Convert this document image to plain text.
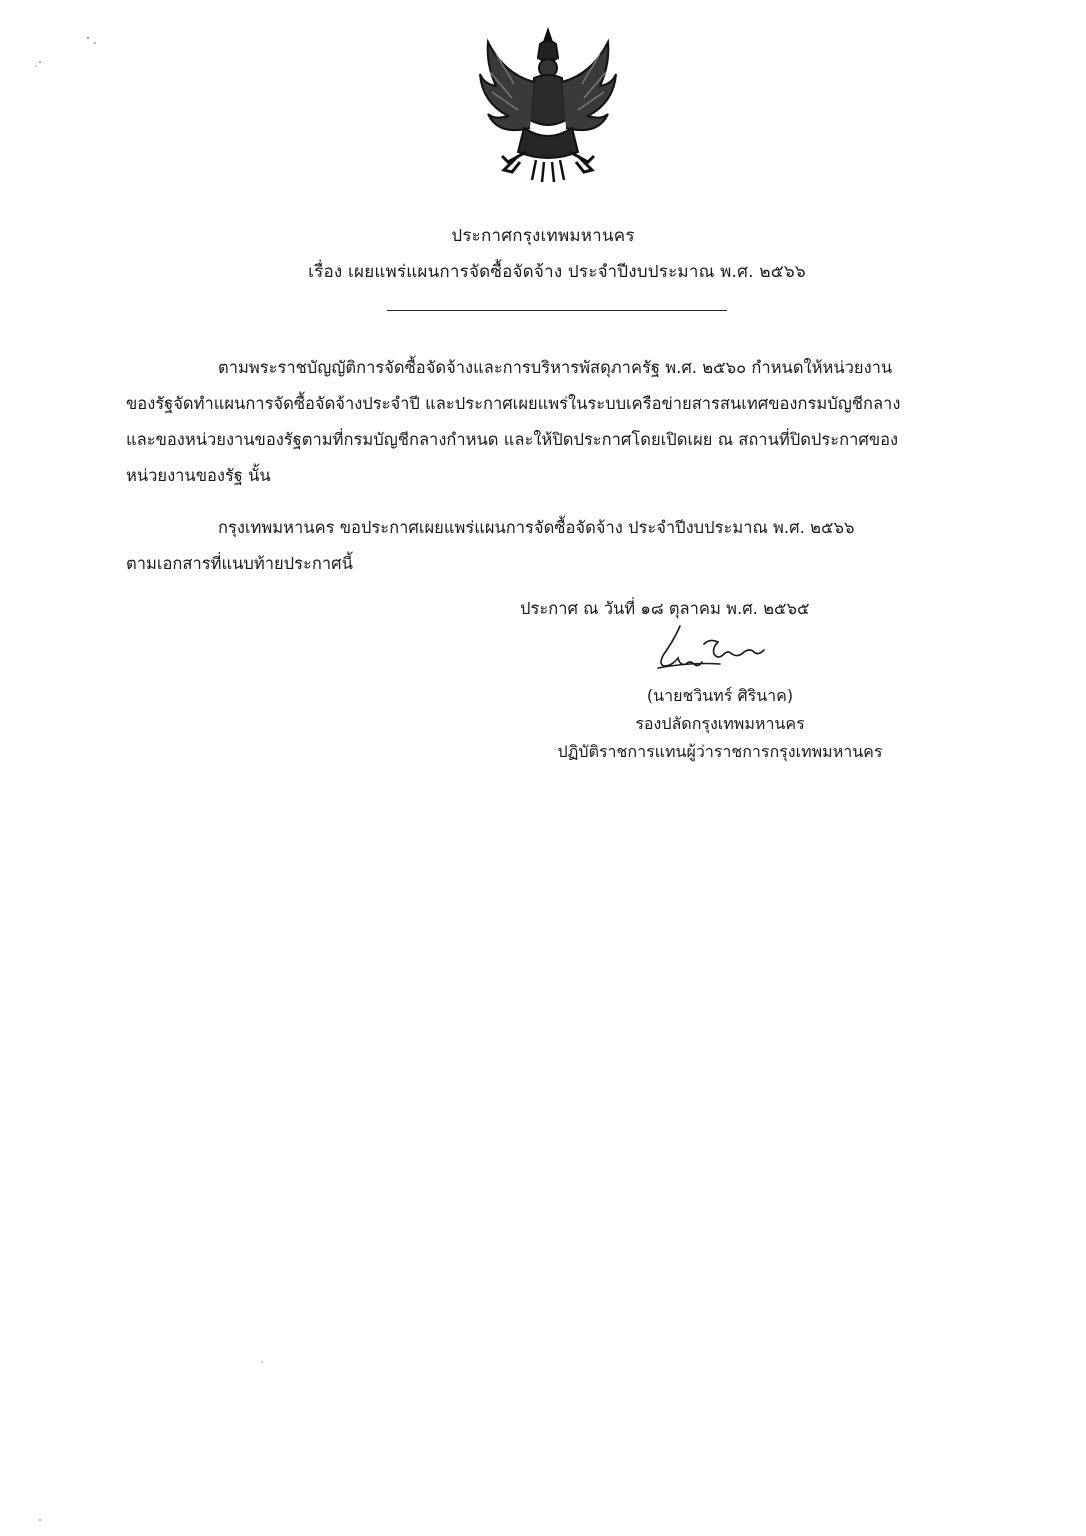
ประกาศกรุงเทพมหานคร
เรื่อง เผยแพร่แผนการจัดซื้อจัดจ้าง ประจำปีงบประมาณ พ.ศ. ๒๕๖๖
ตามพระราชบัญญัติการจัดซื้อจัดจ้างและการบริหารพัสดุภาครัฐ พ.ศ. ๒๕๖๐ กำหนดให้หน่วยงาน
ของรัฐจัดทำแผนการจัดซื้อจัดจ้างประจำปี และประกาศเผยแพร่ในระบบเครือข่ายสารสนเทศของกรมบัญชีกลาง
และของหน่วยงานของรัฐตามที่กรมบัญชีกลางกำหนด และให้ปิดประกาศโดยเปิดเผย ณ สถานที่ปิดประกาศของ
หน่วยงานของรัฐ นั้น
กรุงเทพมหานคร ขอประกาศเผยแพร่แผนการจัดซื้อจัดจ้าง ประจำปีงบประมาณ พ.ศ. ๒๕๖๖
ตามเอกสารที่แนบท้ายประกาศนี้
ประกาศ ณ วันที่ ๑๘ ตุลาคม พ.ศ. ๒๕๖๕
(นายชวินทร์ ศิรินาค)
รองปลัดกรุงเทพมหานคร
ปฏิบัติราชการแทนผู้ว่าราชการกรุงเทพมหานคร
